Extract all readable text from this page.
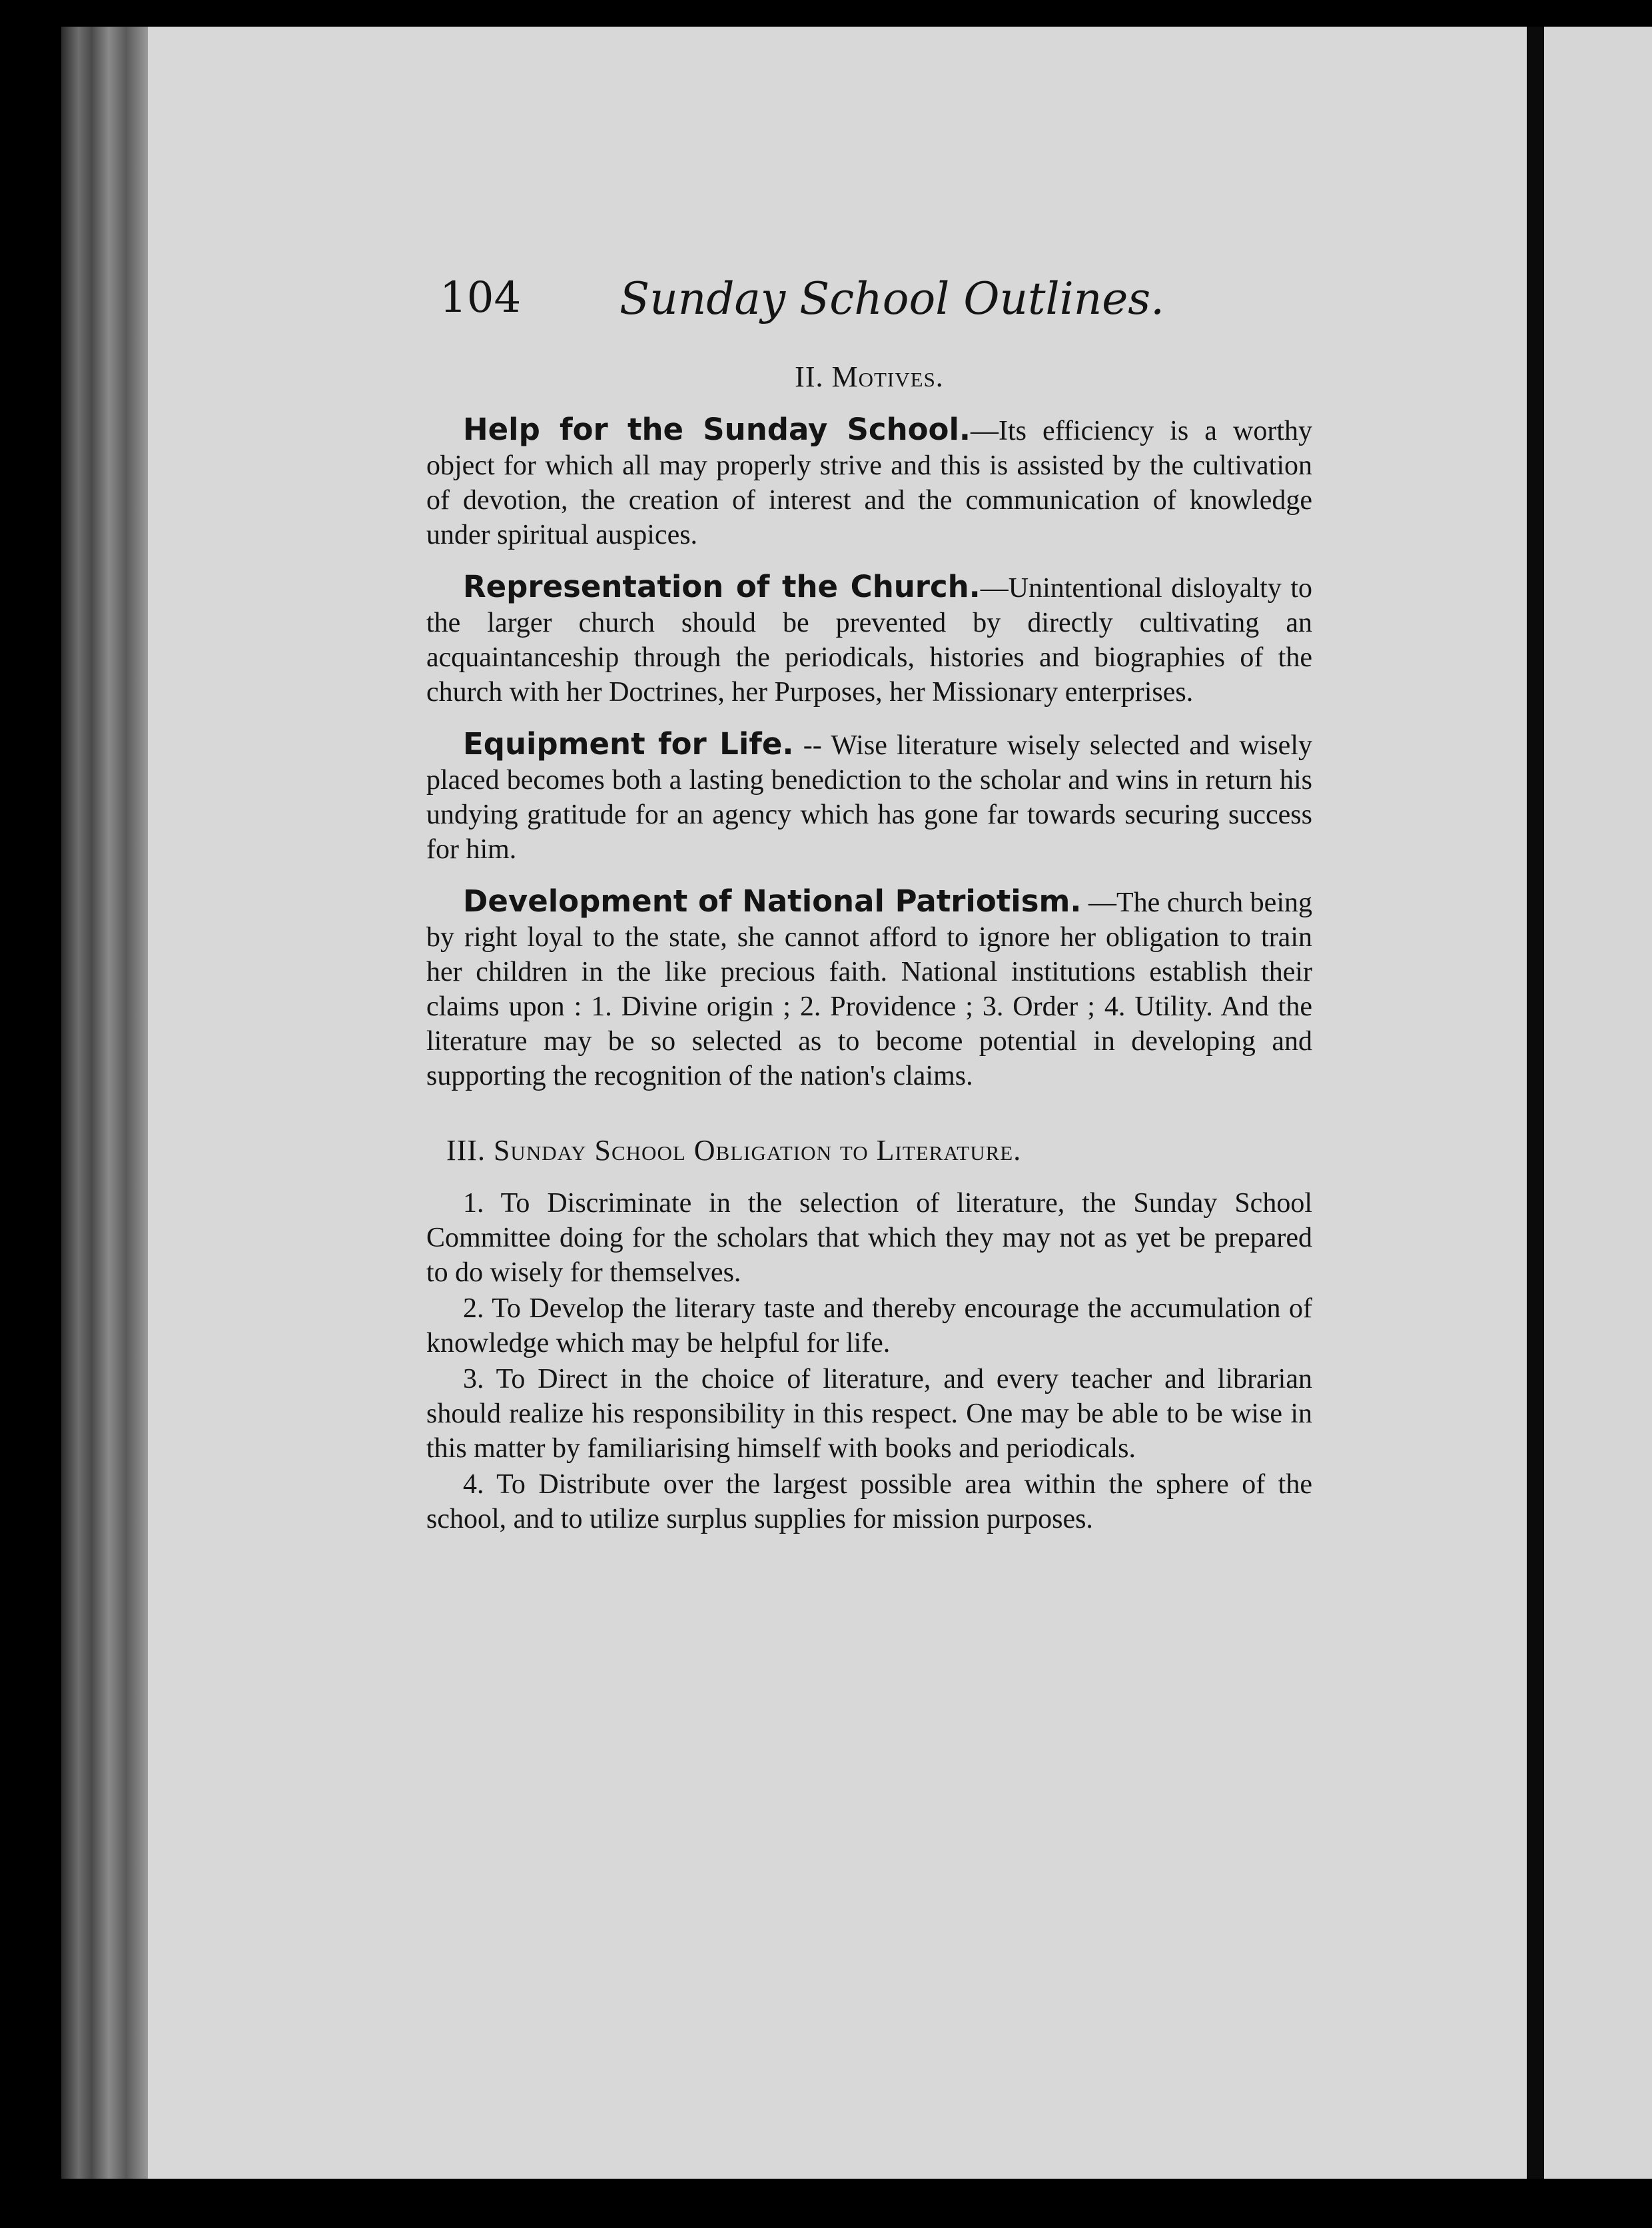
104 Sunday School Outlines.
II. Motives.

Help for the Sunday School.—Its efficiency is a worthy object for which all may properly strive and this is assisted by the cultivation of devotion, the creation of interest and the communication of knowledge under spiritual auspices.

Representation of the Church.—Unintentional disloyalty to the larger church should be prevented by directly cultivating an acquaintanceship through the periodicals, histories and biographies of the church with her Doctrines, her Purposes, her Missionary enterprises.

Equipment for Life. -- Wise literature wisely selected and wisely placed becomes both a lasting benediction to the scholar and wins in return his undying gratitude for an agency which has gone far towards securing success for him.

Development of National Patriotism. —The church being by right loyal to the state, she cannot afford to ignore her obligation to train her children in the like precious faith. National institutions establish their claims upon : 1. Divine origin ; 2. Providence ; 3. Order ; 4. Utility. And the literature may be so selected as to become potential in developing and supporting the recognition of the nation's claims.

III. Sunday School Obligation to Literature.

1. To Discriminate in the selection of literature, the Sunday School Committee doing for the scholars that which they may not as yet be prepared to do wisely for themselves.

2. To Develop the literary taste and thereby encourage the accumulation of knowledge which may be helpful for life.

3. To Direct in the choice of literature, and every teacher and librarian should realize his responsibility in this respect. One may be able to be wise in this matter by familiarising himself with books and periodicals.

4. To Distribute over the largest possible area within the sphere of the school, and to utilize surplus supplies for mission purposes.
